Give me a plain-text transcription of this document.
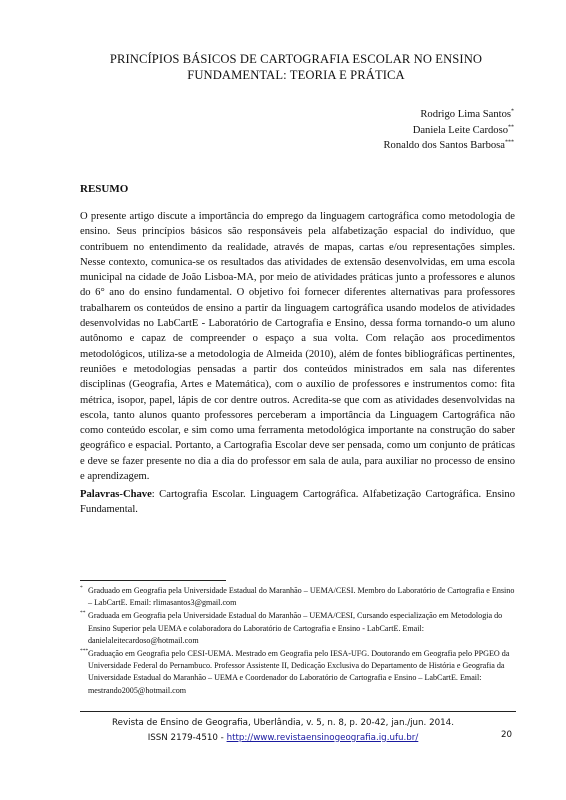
PRINCÍPIOS BÁSICOS DE CARTOGRAFIA ESCOLAR NO ENSINO
FUNDAMENTAL: TEORIA E PRÁTICA
Rodrigo Lima Santos*
Daniela Leite Cardoso**
Ronaldo dos Santos Barbosa***
RESUMO
O presente artigo discute a importância do emprego da linguagem cartográfica como metodologia de ensino. Seus princípios básicos são responsáveis pela alfabetização espacial do indivíduo, que contribuem no entendimento da realidade, através de mapas, cartas e/ou representações simples. Nesse contexto, comunica-se os resultados das atividades de extensão desenvolvidas, em uma escola municipal na cidade de João Lisboa-MA, por meio de atividades práticas junto a professores e alunos do 6° ano do ensino fundamental. O objetivo foi fornecer diferentes alternativas para professores trabalharem os conteúdos de ensino a partir da linguagem cartográfica usando modelos de atividades desenvolvidas no LabCartE - Laboratório de Cartografia e Ensino, dessa forma tornando-o um aluno autônomo e capaz de compreender o espaço a sua volta. Com relação aos procedimentos metodológicos, utiliza-se a metodologia de Almeida (2010), além de fontes bibliográficas pertinentes, reuniões e metodologias pensadas a partir dos conteúdos ministrados em sala nas diferentes disciplinas (Geografia, Artes e Matemática), com o auxílio de professores e instrumentos como: fita métrica, isopor, papel, lápis de cor dentre outros. Acredita-se que com as atividades desenvolvidas na escola, tanto alunos quanto professores perceberam a importância da Linguagem Cartográfica não como conteúdo escolar, e sim como uma ferramenta metodológica importante na construção do saber geográfico e espacial. Portanto, a Cartografia Escolar deve ser pensada, como um conjunto de práticas e deve se fazer presente no dia a dia do professor em sala de aula, para auxiliar no processo de ensino e aprendizagem.
Palavras-Chave: Cartografia Escolar. Linguagem Cartográfica. Alfabetização Cartográfica. Ensino Fundamental.
* Graduado em Geografia pela Universidade Estadual do Maranhão – UEMA/CESI. Membro do Laboratório de Cartografia e Ensino – LabCartE. Email: rlimasantos3@gmail.com
** Graduada em Geografia pela Universidade Estadual do Maranhão – UEMA/CESI, Cursando especialização em Metodologia do Ensino Superior pela UEMA e colaboradora do Laboratório de Cartografia e Ensino - LabCartE. Email: danielaleitecardoso@hotmail.com
*** Graduação em Geografia pelo CESI-UEMA. Mestrado em Geografia pelo IESA-UFG. Doutorando em Geografia pelo PPGEO da Universidade Federal do Pernambuco. Professor Assistente II, Dedicação Exclusiva do Departamento de História e Geografia da Universidade Estadual do Maranhão – UEMA e Coordenador do Laboratório de Cartografia e Ensino – LabCartE. Email: mestrando2005@hotmail.com
Revista de Ensino de Geografia, Uberlândia, v. 5, n. 8, p. 20-42, jan./jun. 2014.
ISSN 2179-4510 - http://www.revistaensinogeografia.ig.ufu.br/	20
